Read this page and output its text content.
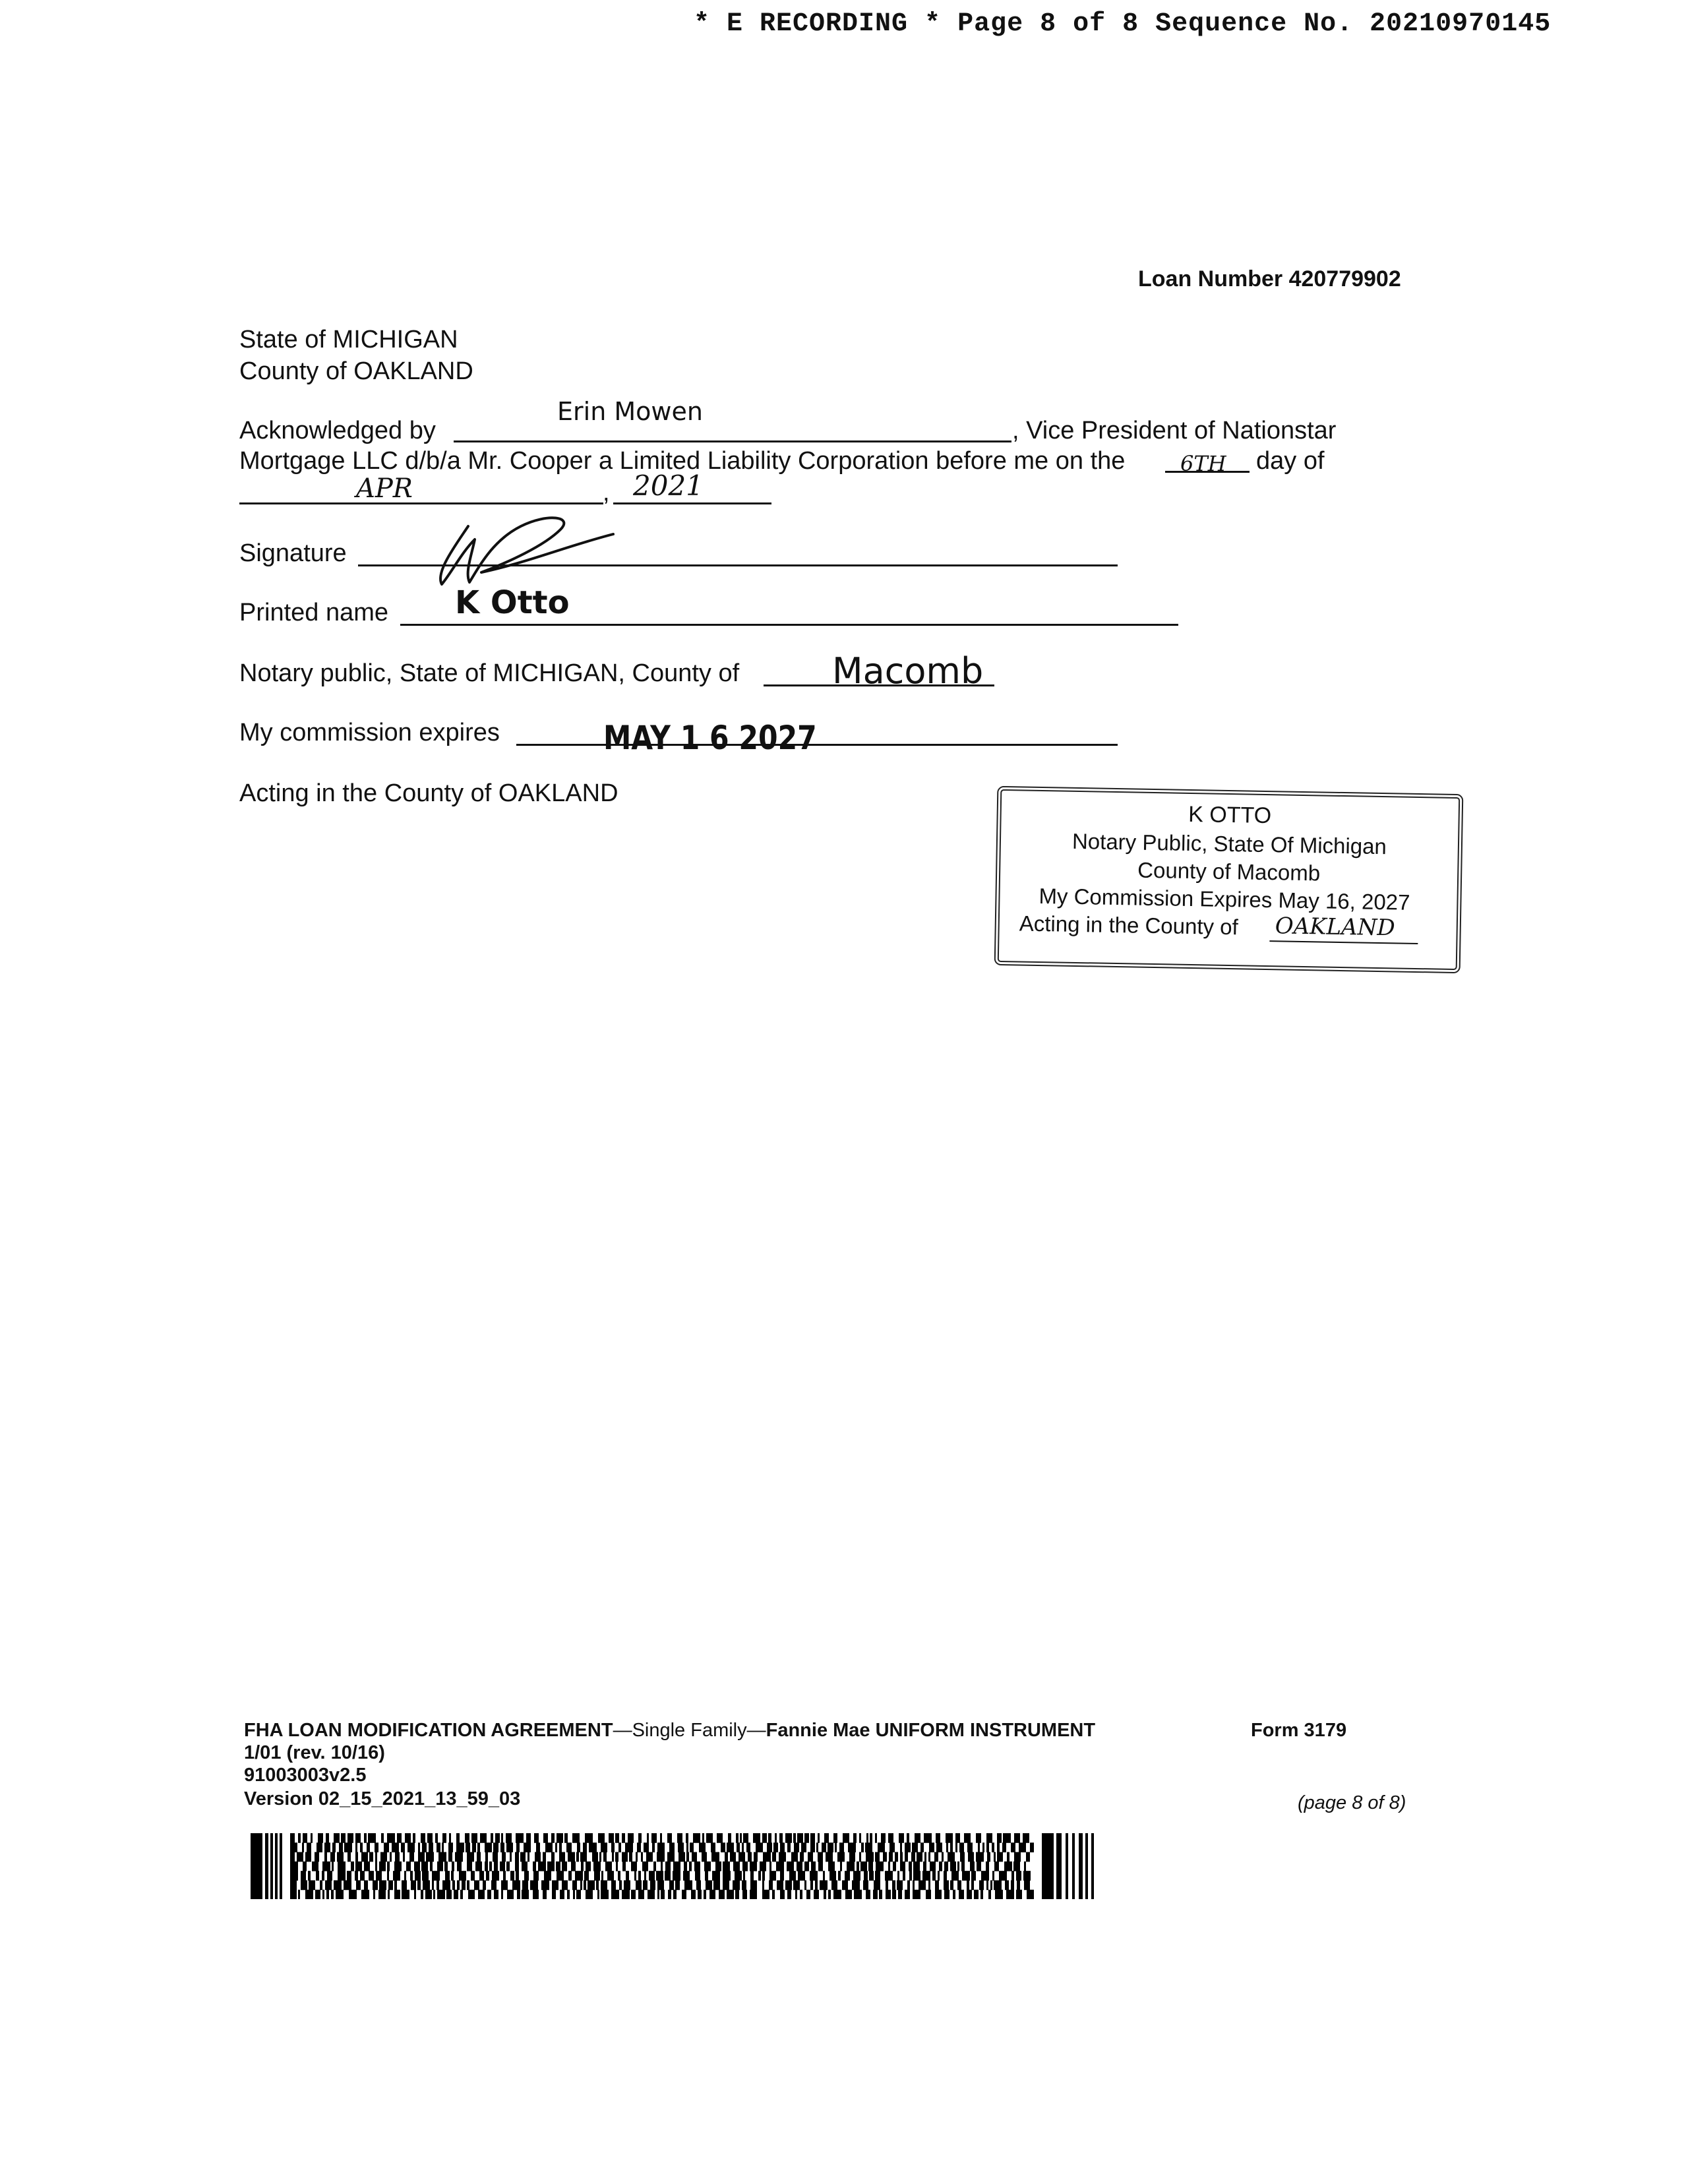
* E RECORDING * Page 8 of 8 Sequence No. 20210970145
Loan Number 420779902
State of MICHIGAN
County of OAKLAND
Acknowledged by
Erin Mowen
, Vice President of Nationstar
Mortgage LLC d/b/a Mr. Cooper a Limited Liability Corporation before me on the	6TH day of
APR	, 2021
Signature
Printed name K Otto
Notary public, State of MICHIGAN, County of	Macomb
My commission expires	MAY 1 6 2027
Acting in the County of OAKLAND
K OTTO
Notary Public, State Of Michigan
County of Macomb
My Commission Expires May 16, 2027
Acting in the County of OAKLAND
FHA LOAN MODIFICATION AGREEMENT—Single Family—Fannie Mae UNIFORM INSTRUMENT	Form 3179
1/01 (rev. 10/16)
91003003v2.5
Version 02_15_2021_13_59_03	(page 8 of 8)
